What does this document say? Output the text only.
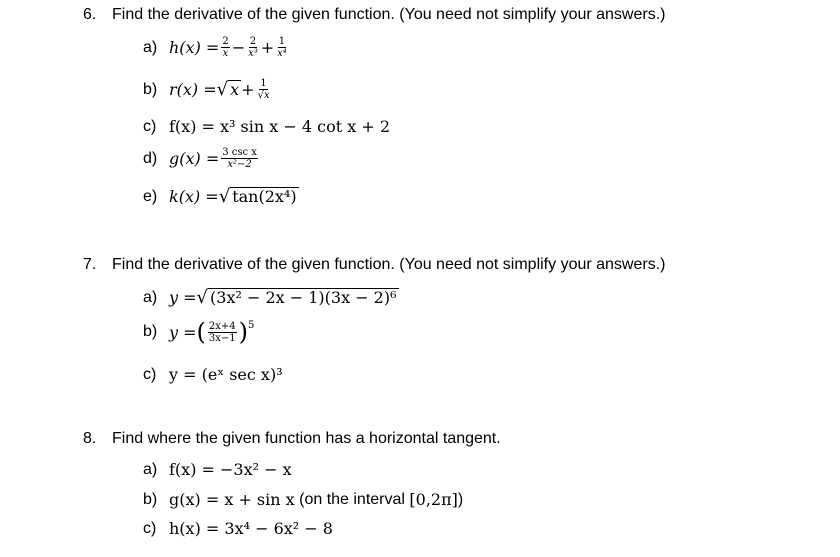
6. Find the derivative of the given function. (You need not simplify your answers.)
a) $h(x) = \frac{2}{x} - \frac{2}{\text{x³}} + \frac{1}{\text{x⁴}}$
b) r(x) = √ $x + \frac{1}{√x}$
c) f(x) = x³ sin x − 4 cot x + 2
d) $g(x) = \frac{\text{3 csc x}}{\text{x²−2}}$
e) k(x) = √ tan(2x⁴)
7. Find the derivative of the given function. (You need not simplify your answers.)
a) y = √ (3x² − 2x − 1)(3x − 2)⁶
b) y = ( $\frac{2x+4}{3x-1}$ ) 5
c) y = (eˣ sec x)³
8. Find where the given function has a horizontal tangent.
a) f(x) = −3x² − x
b) g(x) = x + sin x (on the interval [0,2π] )
c) h(x) = 3x⁴ − 6x² − 8
